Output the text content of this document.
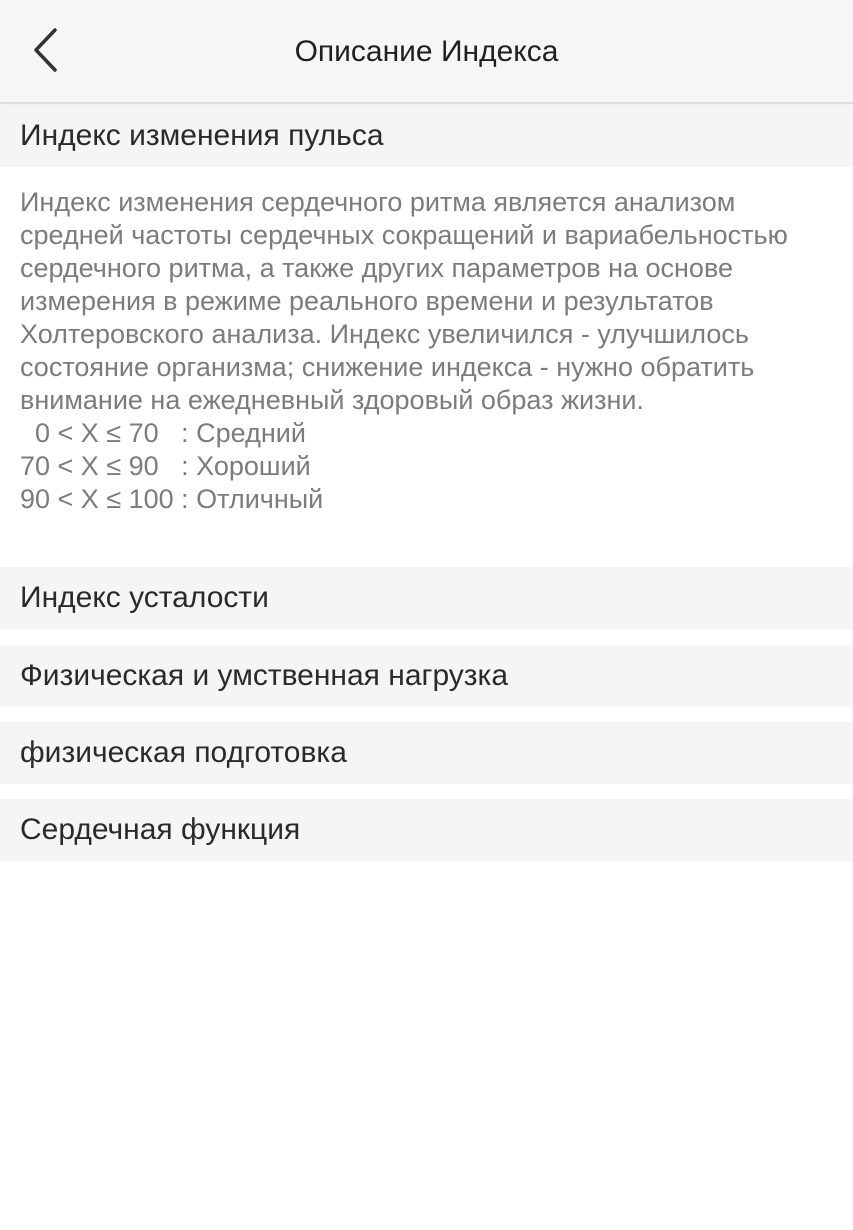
Описание Индекса
Индекс изменения пульса

Индекс изменения сердечного ритма является анализом средней частоты сердечных сокращений и вариабельностью сердечного ритма, а также других параметров на основе измерения в режиме реального времени и результатов Холтеровского анализа. Индекс увеличился - улучшилось состояние организма; снижение индекса - нужно обратить внимание на ежедневный здоровый образ жизни.

0 < X ≤ 70   : Средний

70 < X ≤ 90   : Хороший

90 < X ≤ 100 : Отличный

Индекс усталости
Физическая и умственная нагрузка
физическая подготовка
Сердечная функция
